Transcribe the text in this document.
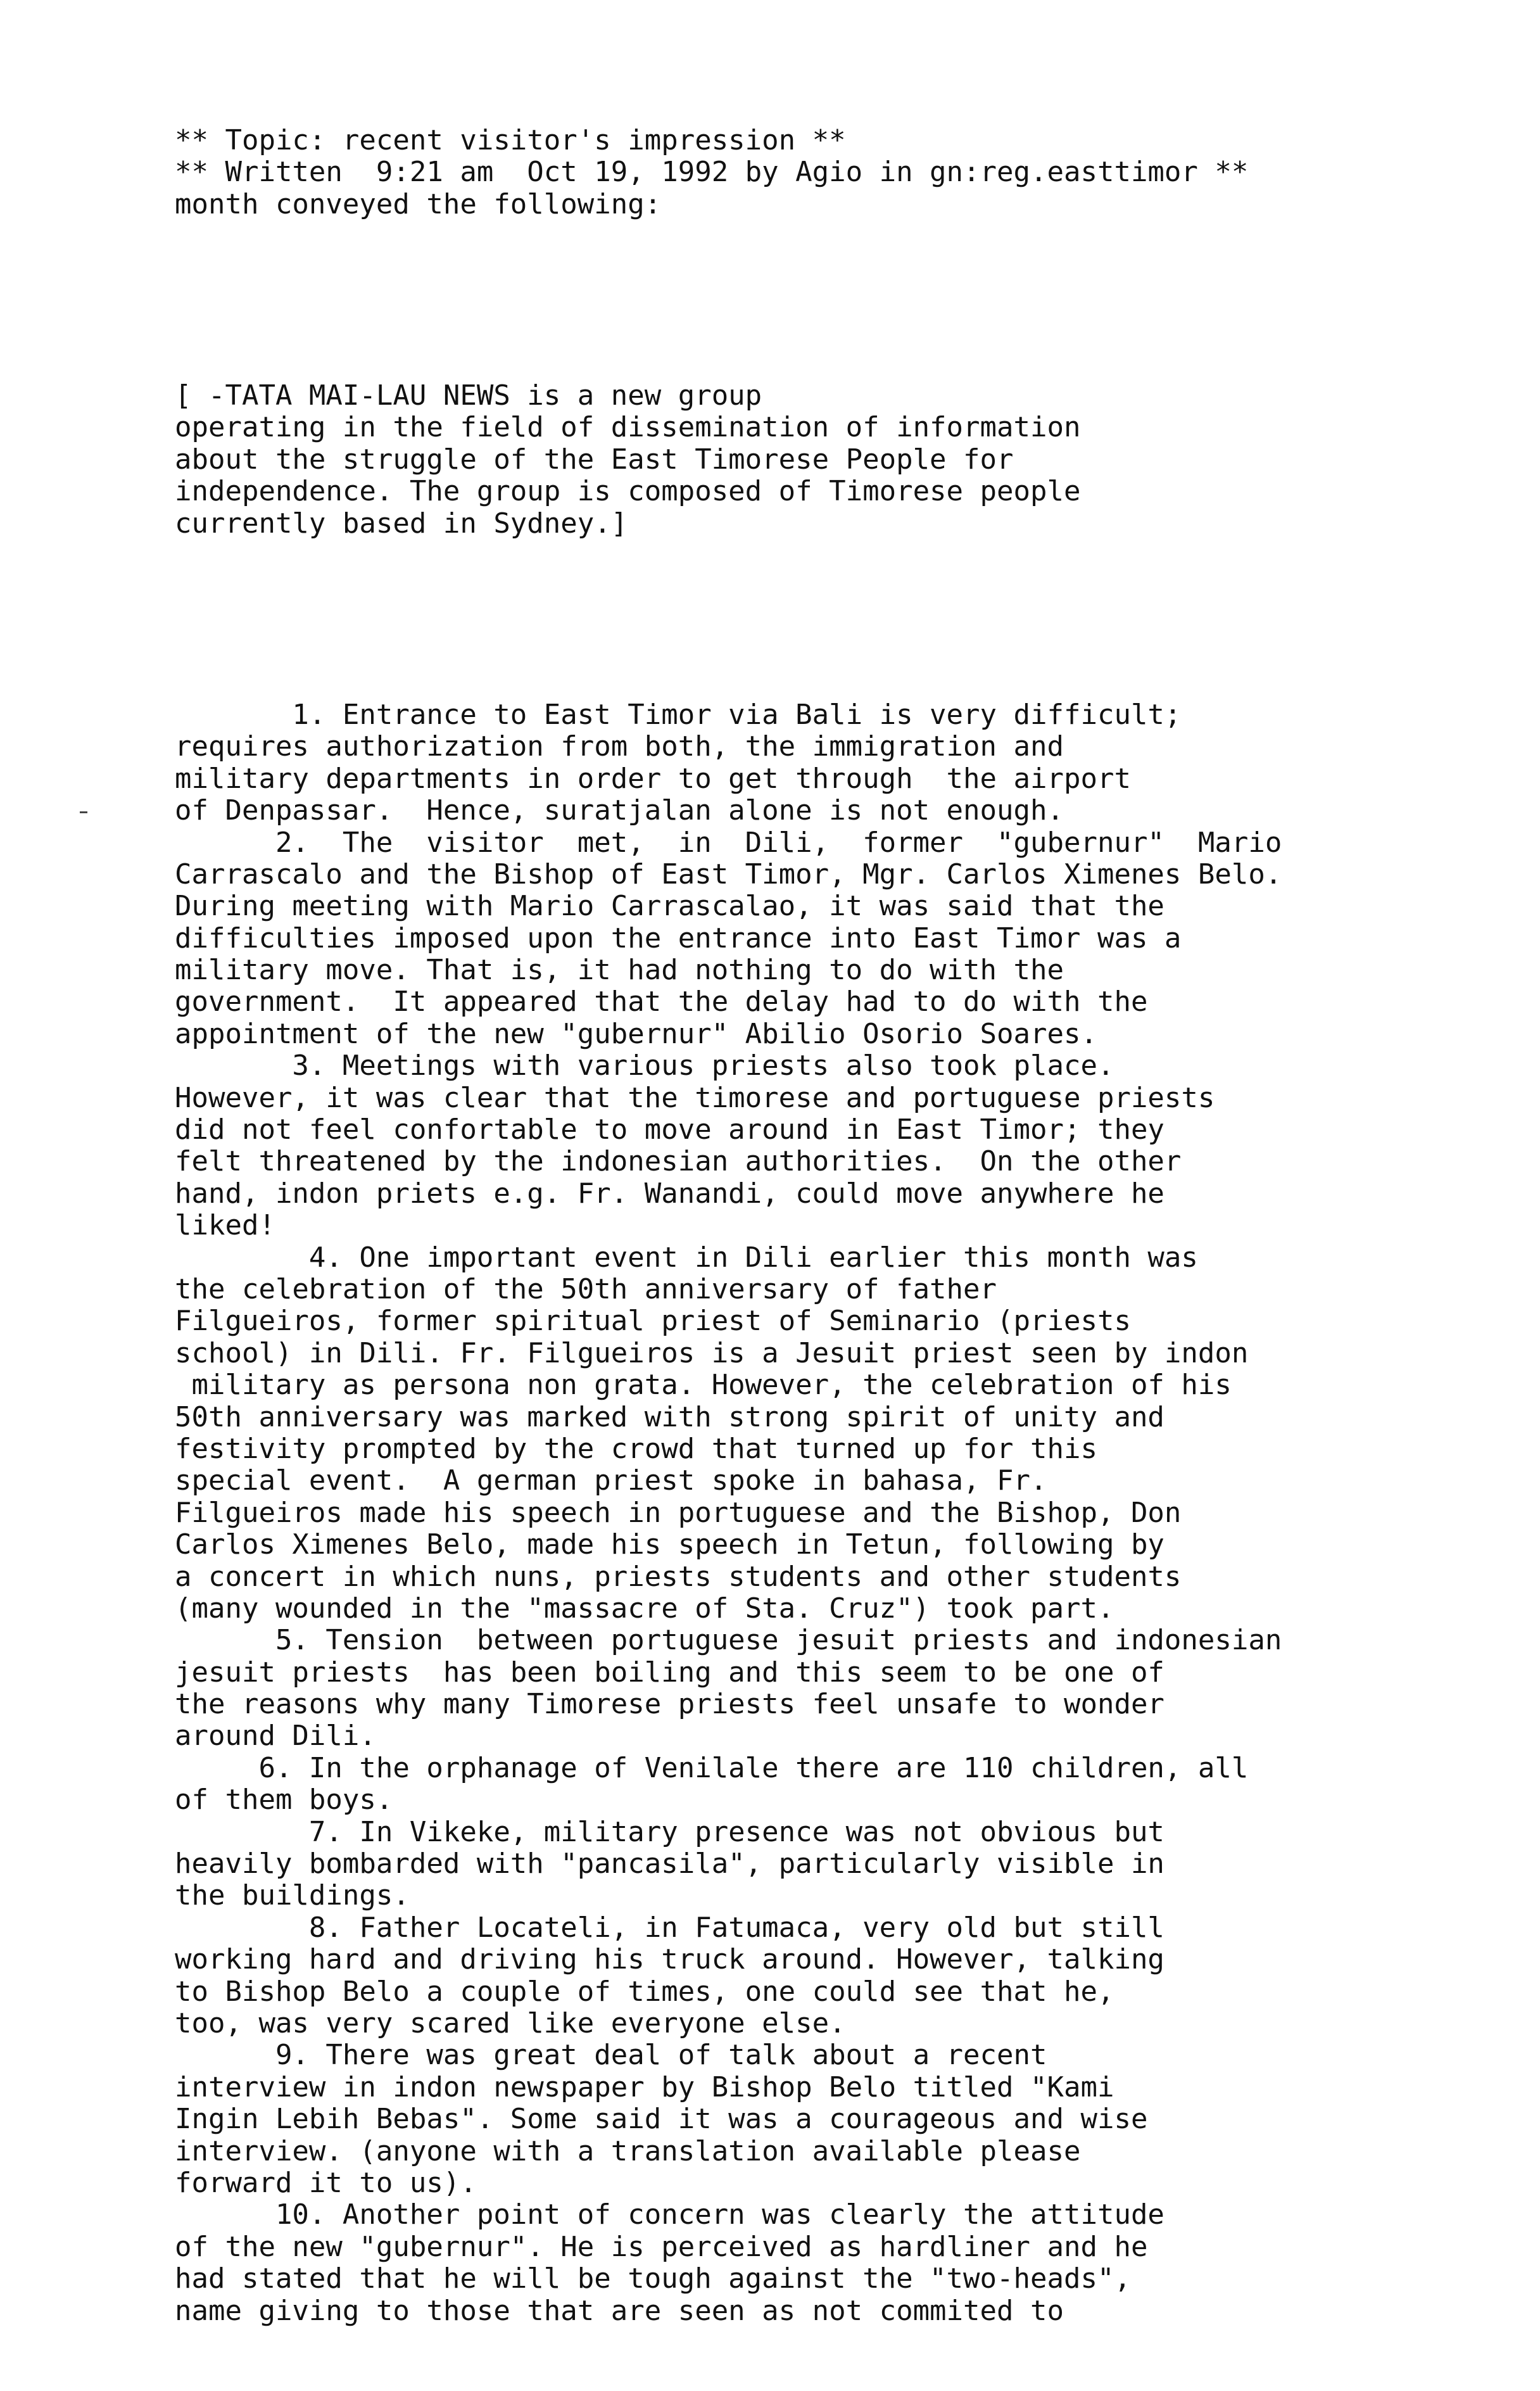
** Topic: recent visitor's impression **
** Written  9:21 am  Oct 19, 1992 by Agio in gn:reg.easttimor **
month conveyed the following:

[ -TATA MAI-LAU NEWS is a new group
operating in the field of dissemination of information
about the struggle of the East Timorese People for
independence. The group is composed of Timorese people
currently based in Sydney.]

1. Entrance to East Timor via Bali is very difficult;
requires authorization from both, the immigration and
military departments in order to get through  the airport
of Denpassar.  Hence, suratjalan alone is not enough.
2.  The  visitor  met,  in  Dili,  former  "gubernur"  Mario
Carrascalo and the Bishop of East Timor, Mgr. Carlos Ximenes Belo.
During meeting with Mario Carrascalao, it was said that the
difficulties imposed upon the entrance into East Timor was a
military move. That is, it had nothing to do with the
government.  It appeared that the delay had to do with the
appointment of the new "gubernur" Abilio Osorio Soares.
3. Meetings with various priests also took place.
However, it was clear that the timorese and portuguese priests
did not feel confortable to move around in East Timor; they
felt threatened by the indonesian authorities.  On the other
hand, indon priets e.g. Fr. Wanandi, could move anywhere he
liked!
4. One important event in Dili earlier this month was
the celebration of the 50th anniversary of father
Filgueiros, former spiritual priest of Seminario (priests
school) in Dili. Fr. Filgueiros is a Jesuit priest seen by indon
military as persona non grata. However, the celebration of his
50th anniversary was marked with strong spirit of unity and
festivity prompted by the crowd that turned up for this
special event.  A german priest spoke in bahasa, Fr.
Filgueiros made his speech in portuguese and the Bishop, Don
Carlos Ximenes Belo, made his speech in Tetun, following by
a concert in which nuns, priests students and other students
(many wounded in the "massacre of Sta. Cruz") took part.
5. Tension  between portuguese jesuit priests and indonesian
jesuit priests  has been boiling and this seem to be one of
the reasons why many Timorese priests feel unsafe to wonder
around Dili.
6. In the orphanage of Venilale there are 110 children, all
of them boys.
7. In Vikeke, military presence was not obvious but
heavily bombarded with "pancasila", particularly visible in
the buildings.
8. Father Locateli, in Fatumaca, very old but still
working hard and driving his truck around. However, talking
to Bishop Belo a couple of times, one could see that he,
too, was very scared like everyone else.
9. There was great deal of talk about a recent
interview in indon newspaper by Bishop Belo titled "Kami
Ingin Lebih Bebas". Some said it was a courageous and wise
interview. (anyone with a translation available please
forward it to us).
10. Another point of concern was clearly the attitude
of the new "gubernur". He is perceived as hardliner and he
had stated that he will be tough against the "two-heads",
name giving to those that are seen as not commited to
